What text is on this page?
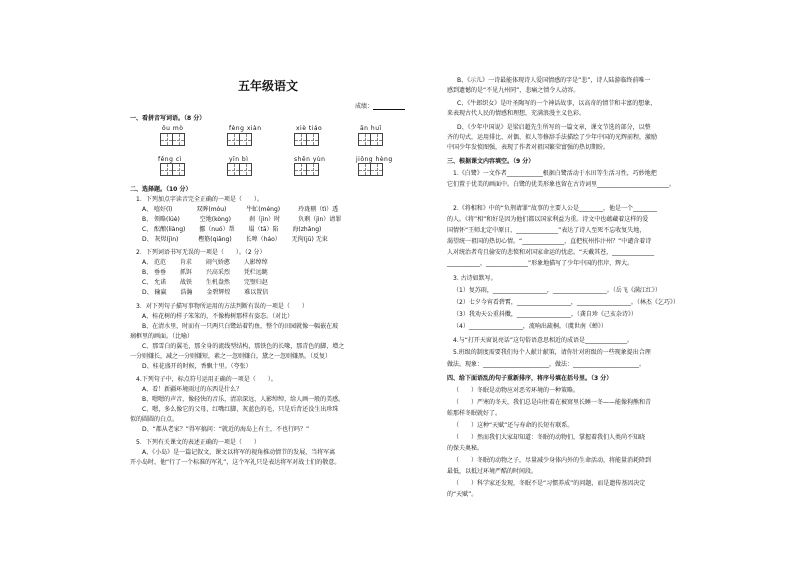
五年级语文
成绩：
一、看拼音写词语。（8 分）
ǒu mò	fèng xiàn	xiè tiáo	ān huī
fěng cì	yīn bì	shēn yùn	jiǒng hèng
二、选择题。（10 分）
1．下列加点字读音完全正确的一项是（　　）。
A、 嘻好(ǐ)　　　　双眸(móu)　　　 牛虻(méng)　　　玲珑剔（tì）透
B、 领略(lüè)　　　 空地(kòng)　　　刹（jìn）时　　　负剩（jìn）请罪
C、 酝酿(liàng)　　 挪（nuó）帮　　 塌（tā）陷　　 海(zhǎng)　　
D、 灰烬(jìn)　　　 樫筋(qiāng)　　 长嗥（háo）　　 无拘(jū) 无束
2．下列词语书写无误的一项是（　　）。（2 分）
A、 范范　　 肯求　　 闹气娇憨　　 人影绰绰
B、 垂垂　　 抓饵　　 兴高采烈　　 凭栏远眺
C、 允诺　　 战铁　　 生机盎然　　 完璧归赵
D、 输赢　　 浩瀚　　 金碧辉煌　　 难以置信
3．对下列句子描写事物所运用的方法判断有误的一项是（　　）
A、桂花树的样子笨笨的，不像梅树那样有姿态。（对比）
B、在清水里，时而有一只两只白鹭站着钓鱼，整个的田园就像一幅嵌在玻
璃框里的画面。（比喻）
C、那雪白的翼毛，那全身的流线型结构，那铁色的长喙，那青色的脚，增之
一分则嫌长，减之一分则嫌短，素之一忽则嫌白，黛之一忽则嫌黑。（反复）
D、桂花盛开的时候，香飘十里。（夸张）
4.下列句子中，标点符号运用正确的一项是（　　）。
A、看！新疆环境雨过的东西是什么？
B、嗯嗯的声音，像轻快的音乐，清凉深远，人影绰绰，给人画一般的美感。
C、嗯，多么像它的父母，红嘴红脚，灰蓝色的毛，只是后背还没生出珍珠
似的圆圆的白点。
D、“都从老家？”得军搞问：“就近的海岛上有土，不也行吗？”
5．下列有关课文的表述正确的一项是（　　）
A、《小岛》是一篇记叙文，课文以将军的视角推动情节的发展，当将军离
开小岛时，他“行了一个标准的军礼”，这个军礼只是表达将军对战士们的敬意。
B、《示儿》一诗最能体现诗人爱国情感的字是“悲”，诗人陆游临终前唯一
感到遗憾的是“不见九州同”，悲痛之情令人动容。
C、《牛郎织女》是叶圣陶写的一个神话故事，以高奇的情节和丰富的想象，
来表现古代人民的情感和理想，充满浪漫主义色彩。
D、《少年中国说》是梁启超先生所写的一篇文章，课文节选的部分，以整
齐的句式，运用排比、对偶、拟人等修辞手法描绘了少年中国的光辉前程，激励
中国少年发愤图强，表现了作者对祖国繁荣富强的热切期盼。
三、根据课文内容填空。（9 分）
1.《白鹭》一文作者____________根据白鹭活动于水田等生活习性，巧妙地把
它们置于优美的画面中。白鹭的优美形象也留在古诗词里________________________。
2.《将相和》中的“负荆请罪”故事的主要人公是________，他是一个________
的人。《将”相”和好是因为他们都以国家利益为重。诗文中也蕴藏着这样的爱
国情怀“王师北定中原日，______________”表达了诗人至死不忘收复失地，
渴望统一祖国的热切心情。“______________，直把杭州作汴州？”中谴含着诗
人对统治者苟且偷安的悲愤和对国家命运的忧虑。“天戴其苍，______________
___________，______________”形象地描写了少年中国的伟岸、辉大。
3. 古诗如默写。
（1）复苏雨，__________________，__________________。（岳飞《满江红》）
（2）七夕今宵看碧霄，__________________，__________________。（林杰《乞巧》）
（3）我劝天公重抖擞，__________________。（龚自珍《己亥杂诗》）
（4）__________________，流响出疏桐。（虞世南《蝉》）
4.与“打开天窗说亮话”这句俗语意思相近的成语是______________。
5.班级的制度需要我们每个人献计献策，请你针对班级的一些现象提出合理
做法。现象：______________________，做法：______________________。
四、给下面语乱的句子重新排序，将序号填在括号里。（3 分）
（　　）冬眠是动物应对恶劣环境的一种策略。
（　　）严寒的冬天，我们总是向往着在被窝里长睡一冬——能像狗熊和青
蛙那样冬眠就好了。
（　　）这种“天赋”还与寿命的长短有联系。
（　　）然而我们大家却知道：冬眠的动物们，掌握着我们人类尚不知晓
的保夫奥秘。
（　　）冬眠的动物之子，尽量减少身体内外的生命活动，将能量消耗降到
最低，以抵过环境严酷的时间段。
（　　）科学家还发现，冬眠不是“习惯养成”的问题，而是遗传基因决定
的“天赋”。
